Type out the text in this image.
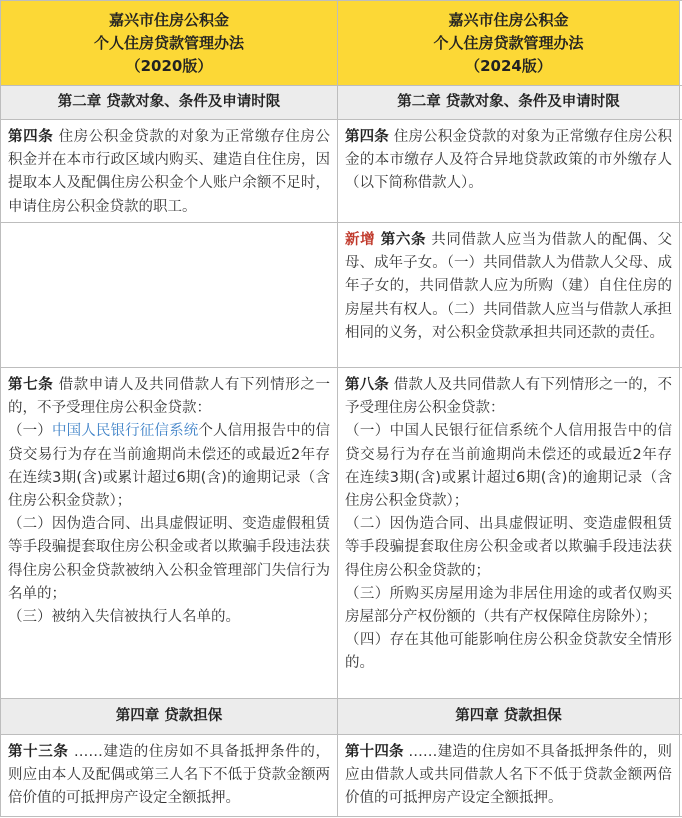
嘉兴市住房公积金
个人住房贷款管理办法
（2020版）
嘉兴市住房公积金
个人住房贷款管理办法
（2024版）
第二章 贷款对象、条件及申请时限	第二章 贷款对象、条件及申请时限
第四条 住房公积金贷款的对象为正常缴存住房公积金并在本市行政区域内购买、建造自住住房，因提取本人及配偶住房公积金个人账户余额不足时，申请住房公积金贷款的职工。
第四条 住房公积金贷款的对象为正常缴存住房公积金的本市缴存人及符合异地贷款政策的市外缴存人（以下简称借款人）。
新增 第六条 共同借款人应当为借款人的配偶、父母、成年子女。（一）共同借款人为借款人父母、成年子女的，共同借款人应为所购（建）自住住房的房屋共有权人。（二）共同借款人应当与借款人承担相同的义务，对公积金贷款承担共同还款的责任。
第七条 借款申请人及共同借款人有下列情形之一的，不予受理住房公积金贷款：
（一）中国人民银行征信系统个人信用报告中的信贷交易行为存在当前逾期尚未偿还的或最近2年存在连续3期(含)或累计超过6期(含)的逾期记录（含住房公积金贷款）；
（二）因伪造合同、出具虚假证明、变造虚假租赁等手段骗提套取住房公积金或者以欺骗手段违法获得住房公积金贷款被纳入公积金管理部门失信行为名单的；
（三）被纳入失信被执行人名单的。
第八条 借款人及共同借款人有下列情形之一的，不予受理住房公积金贷款：
（一）中国人民银行征信系统个人信用报告中的信贷交易行为存在当前逾期尚未偿还的或最近2年存在连续3期(含)或累计超过6期(含)的逾期记录（含住房公积金贷款）；
（二）因伪造合同、出具虚假证明、变造虚假租赁等手段骗提套取住房公积金或者以欺骗手段违法获得住房公积金贷款的；
（三）所购买房屋用途为非居住用途的或者仅购买房屋部分产权份额的（共有产权保障住房除外）；
（四）存在其他可能影响住房公积金贷款安全情形的。
第四章 贷款担保	第四章 贷款担保
第十三条 ……建造的住房如不具备抵押条件的，则应由本人及配偶或第三人名下不低于贷款金额两倍价值的可抵押房产设定全额抵押。
第十四条 ……建造的住房如不具备抵押条件的，则应由借款人或共同借款人名下不低于贷款金额两倍价值的可抵押房产设定全额抵押。
